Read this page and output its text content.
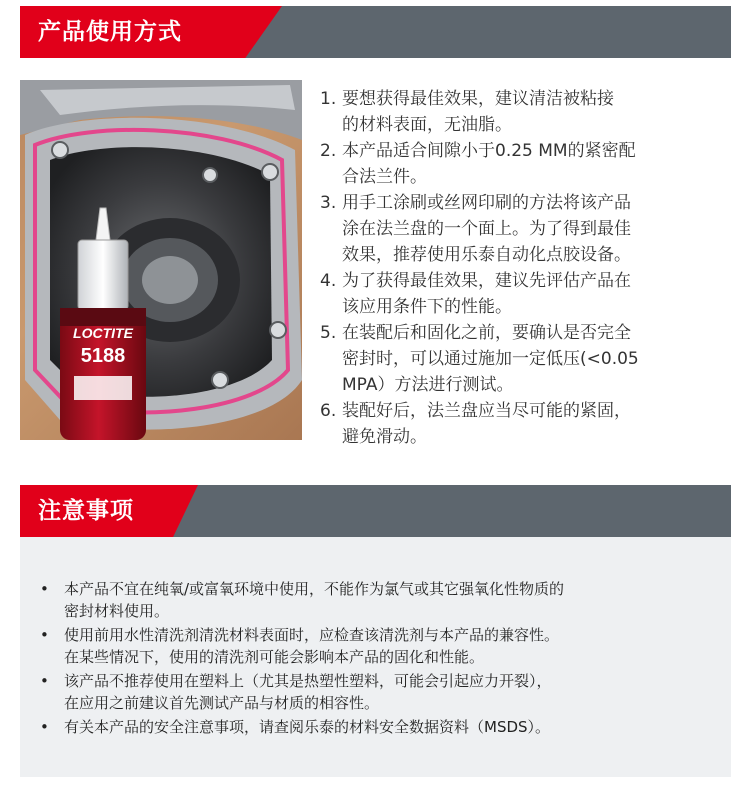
产品使用方式
LOCTITE
5188
1. 要想获得最佳效果，建议清洁被粘接
的材料表面，无油脂。
2. 本产品适合间隙小于0.25 MM的紧密配
合法兰件。
3. 用手工涂刷或丝网印刷的方法将该产品
涂在法兰盘的一个面上。为了得到最佳
效果，推荐使用乐泰自动化点胶设备。
4. 为了获得最佳效果，建议先评估产品在
该应用条件下的性能。
5. 在装配后和固化之前，要确认是否完全
密封时，可以通过施加一定低压(<0.05
MPA）方法进行测试。
6. 装配好后，法兰盘应当尽可能的紧固，
避免滑动。
注意事项
• 本产品不宜在纯氧/或富氧环境中使用，不能作为氯气或其它强氧化性物质的
密封材料使用。
• 使用前用水性清洗剂清洗材料表面时，应检查该清洗剂与本产品的兼容性。
在某些情况下，使用的清洗剂可能会影响本产品的固化和性能。
• 该产品不推荐使用在塑料上（尤其是热塑性塑料，可能会引起应力开裂），
在应用之前建议首先测试产品与材质的相容性。
• 有关本产品的安全注意事项，请查阅乐泰的材料安全数据资料（MSDS）。
